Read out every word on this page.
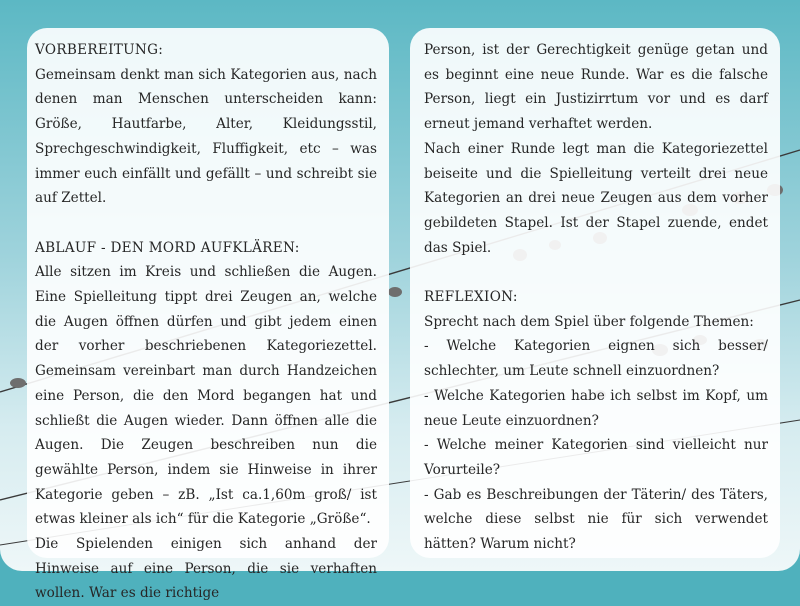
VORBEREITUNG:

Gemeinsam denkt man sich Kategorien aus, nach denen man Menschen unterscheiden kann: Größe, Hautfarbe, Alter, Kleidungsstil, Sprechgeschwindigkeit, Fluffigkeit, etc – was immer euch einfällt und gefällt – und schreibt sie auf Zettel.

ABLAUF - DEN MORD AUFKLÄREN:

Alle sitzen im Kreis und schließen die Augen. Eine Spielleitung tippt drei Zeugen an, welche die Augen öffnen dürfen und gibt jedem einen der vorher beschriebenen Kategoriezettel. Gemeinsam vereinbart man durch Handzeichen eine Person, die den Mord begangen hat und schließt die Augen wieder. Dann öffnen alle die Augen. Die Zeugen beschreiben nun die gewählte Person, indem sie Hinweise in ihrer Kategorie geben – zB. „Ist ca.1,60m groß/ ist etwas kleiner als ich“ für die Kategorie „Größe“.

Die Spielenden einigen sich anhand der Hinweise auf eine Person, die sie verhaften wollen. War es die richtige

Person, ist der Gerechtigkeit genüge getan und es beginnt eine neue Runde. War es die falsche Person, liegt ein Justizirrtum vor und es darf erneut jemand verhaftet werden.

Nach einer Runde legt man die Kategoriezettel beiseite und die Spielleitung verteilt drei neue Kategorien an drei neue Zeugen aus dem vorher gebildeten Stapel. Ist der Stapel zuende, endet das Spiel.

REFLEXION:

Sprecht nach dem Spiel über folgende Themen:

- Welche Kategorien eignen sich besser/ schlechter, um Leute schnell einzuordnen?

- Welche Kategorien habe ich selbst im Kopf, um neue Leute einzuordnen?

- Welche meiner Kategorien sind vielleicht nur Vorurteile?

- Gab es Beschreibungen der Täterin/ des Täters, welche diese selbst nie für sich verwendet hätten? Warum nicht?
